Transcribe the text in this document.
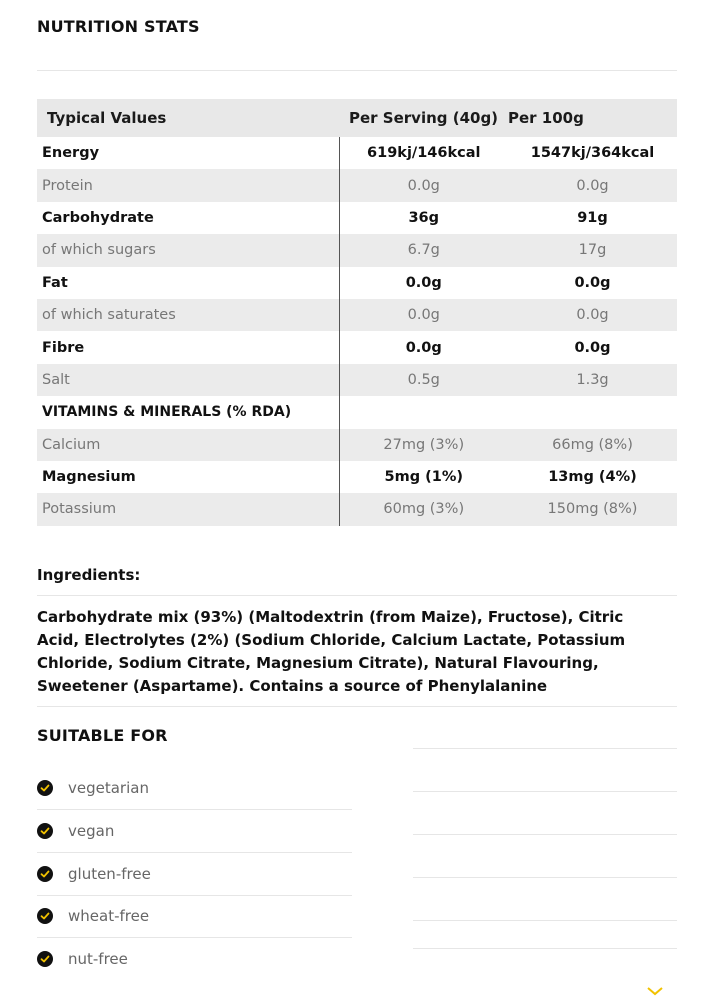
NUTRITION STATS
Typical Values	Per Serving (40g)	Per 100g
Energy	619kj/146kcal	1547kj/364kcal
Protein	0.0g	0.0g
Carbohydrate	36g	91g
of which sugars	6.7g	17g
Fat	0.0g	0.0g
of which saturates	0.0g	0.0g
Fibre	0.0g	0.0g
Salt	0.5g	1.3g
VITAMINS & MINERALS (% RDA)		
Calcium	27mg (3%)	66mg (8%)
Magnesium	5mg (1%)	13mg (4%)
Potassium	60mg (3%)	150mg (8%)
Ingredients:
Carbohydrate mix (93%) (Maltodextrin (from Maize), Fructose), Citric Acid, Electrolytes (2%) (Sodium Chloride, Calcium Lactate, Potassium Chloride, Sodium Citrate, Magnesium Citrate), Natural Flavouring, Sweetener (Aspartame). Contains a source of Phenylalanine
SUITABLE FOR
vegetarian
vegan
gluten-free
wheat-free
nut-free
